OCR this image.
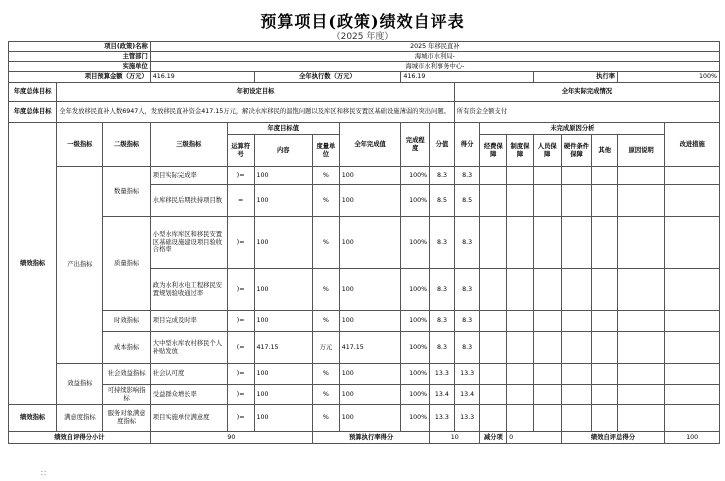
预算项目(政策)绩效自评表
（2025 年度）
项目(政策)名称			2025 年移民直补														
主管部门			海城市水利局-														
实施单位			海城市水利事务中心-														
项目预算金额（万元）			416.19		全年执行数（万元）			416.19					执行率			100%	
年度总体目标	年初设定目标									全年实际完成情况							
年度总体目标	全年发放移民直补人数6947人，发放移民直补资金417.15万元，解决水库移民的温饱问题以及库区和移民安置区基础设施薄弱的突出问题。									所有资金全额支付							
绩效指标	一级指标	二级指标	三级指标	年度目标值			全年完成值	完成程度	分值	得分	未完成原因分析						改进措施
				运算符号	内容	度量单位					经费保障	制度保障	人员保障	硬件条件保障	其他	原因说明	
	产出指标	数量指标	项目实际完成率	)=	100	%	100	100%	8.3	8.3							
			水库移民后期扶持项目数	=	100	%	100	100%	8.5	8.5							
		质量指标	小型水库库区和移民安置区基础设施建设项目验收合格率	)=	100	%	100	100%	8.3	8.3							
			政为水利水电工程移民安置规划验收通过率	)=	100	%	100	100%	8.3	8.3							
		时效指标	项目完成及时率	)=	100	%	100	100%	8.3	8.3							
		成本指标	大中型水库农村移民个人补贴发放	(=	417.15	万元	417.15	100%	8.3	8.3							
	效益指标	社会效益指标	社会认可度	)=	100	%	100	100%	13.3	13.3							
		可持续影响指标	受益群众增长率	)=	100	%	100	100%	13.4	13.4							
绩效指标	满意度指标	服务对象满意度指标	项目实施单位满意度	)=	100	%	100	100%	13.3	13.3							
绩效自评得分小计			90			预算执行率得分			10		减分项	0		绩效自评总得分			100
∷
